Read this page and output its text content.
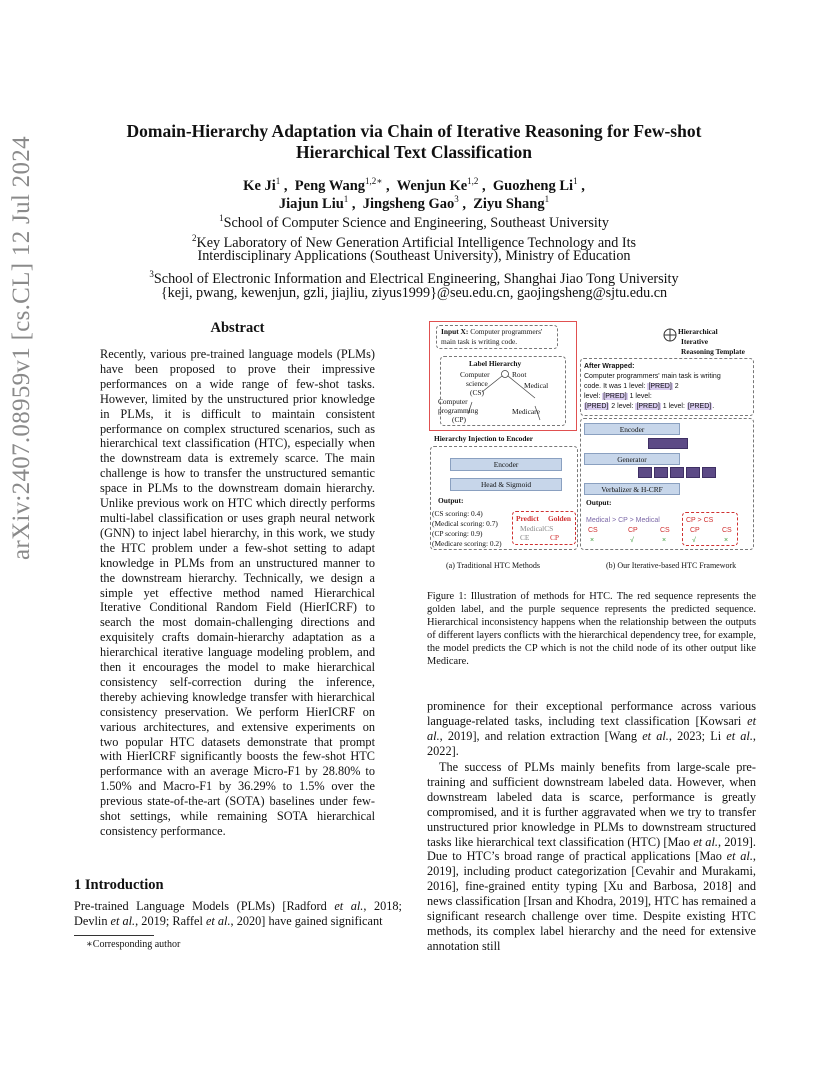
arXiv:2407.08959v1 [cs.CL] 12 Jul 2024
Domain-Hierarchy Adaptation via Chain of Iterative Reasoning for Few-shot
Hierarchical Text Classification
Ke Ji$^1$ ,  Peng Wang$^{1,2∗}$ ,  Wenjun Ke$^{1,2}$ ,  Guozheng Li$^1$ ,
Jiajun Liu$^1$ ,  Jingsheng Gao$^3$ ,  Ziyu Shang$^1$
$^1$School of Computer Science and Engineering, Southeast University
$^2$Key Laboratory of New Generation Artificial Intelligence Technology and Its
Interdisciplinary Applications (Southeast University), Ministry of Education
$^3$School of Electronic Information and Electrical Engineering, Shanghai Jiao Tong University
{keji, pwang, kewenjun, gzli, jiajliu, ziyus1999}@seu.edu.cn, gaojingsheng@sjtu.edu.cn
Abstract
Recently, various pre-trained language models (PLMs) have been proposed to prove their impressive performances on a wide range of few-shot tasks. However, limited by the unstructured prior knowledge in PLMs, it is difficult to maintain consistent performance on complex structured scenarios, such as hierarchical text classification (HTC), especially when the downstream data is extremely scarce. The main challenge is how to transfer the unstructured semantic space in PLMs to the downstream domain hierarchy. Unlike previous work on HTC which directly performs multi-label classification or uses graph neural network (GNN) to inject label hierarchy, in this work, we study the HTC problem under a few-shot setting to adapt knowledge in PLMs from an unstructured manner to the downstream hierarchy. Technically, we design a simple yet effective method named Hierarchical Iterative Conditional Random Field (HierICRF) to search the most domain-challenging directions and exquisitely crafts domain-hierarchy adaptation as a hierarchical iterative language modeling problem, and then it encourages the model to make hierarchical consistency self-correction during the inference, thereby achieving knowledge transfer with hierarchical consistency preservation. We perform HierICRF on various architectures, and extensive experiments on two popular HTC datasets demonstrate that prompt with HierICRF significantly boosts the few-shot HTC performance with an average Micro-F1 by 28.80% to 1.50% and Macro-F1 by 36.29% to 1.5% over the previous state-of-the-art (SOTA) baselines under few-shot settings, while remaining SOTA hierarchical consistency performance.
1 Introduction
Pre-trained Language Models (PLMs) [Radford et al., 2018; Devlin et al., 2019; Raffel et al., 2020] have gained significant
∗Corresponding author
Input X: Computer programmers'
main task is writing code.
Label Hierarchy
Root
Computer
science
(CS)
Medical
Computer
programming
(CP)
Medicare
Hierarchical
Iterative
Reasoning Template
After Wrapped:
Computer programmers' main task is writing
code. It was 1 level: [PRED] 2
level: [PRED] 1 level:
[PRED] 2 level: [PRED] 1 level: [PRED].
Hierarchy Injection to Encoder
Encoder
Head & Sigmoid
Output:
(CS scoring: 0.4)
(Medical scoring: 0.7)
(CP scoring: 0.9)
(Medicare scoring: 0.2)
Predict Golden
MedicalCS
CE	CP
Encoder
Generator
Verbalizer & H-CRF
Output:
Medical > CP > Medical	CP > CS
CS	CP	CS	CP	CS
×	√	×	√	×
(a) Traditional HTC Methods	(b) Our Iterative-based HTC Framework
Figure 1: Illustration of methods for HTC. The red sequence represents the golden label, and the purple sequence represents the predicted sequence. Hierarchical inconsistency happens when the relationship between the outputs of different layers conflicts with the hierarchical dependency tree, for example, the model predicts the CP which is not the child node of its other output like Medicare.
prominence for their exceptional performance across various language-related tasks, including text classification [Kowsari et al., 2019], and relation extraction [Wang et al., 2023; Li et al., 2022].
The success of PLMs mainly benefits from large-scale pre-training and sufficient downstream labeled data. However, when downstream labeled data is scarce, performance is greatly compromised, and it is further aggravated when we try to transfer unstructured prior knowledge in PLMs to downstream structured tasks like hierarchical text classification (HTC) [Mao et al., 2019]. Due to HTC’s broad range of practical applications [Mao et al., 2019], including product categorization [Cevahir and Murakami, 2016], fine-grained entity typing [Xu and Barbosa, 2018] and news classification [Irsan and Khodra, 2019], HTC has remained a significant research challenge over time. Despite existing HTC methods, its complex label hierarchy and the need for extensive annotation still
